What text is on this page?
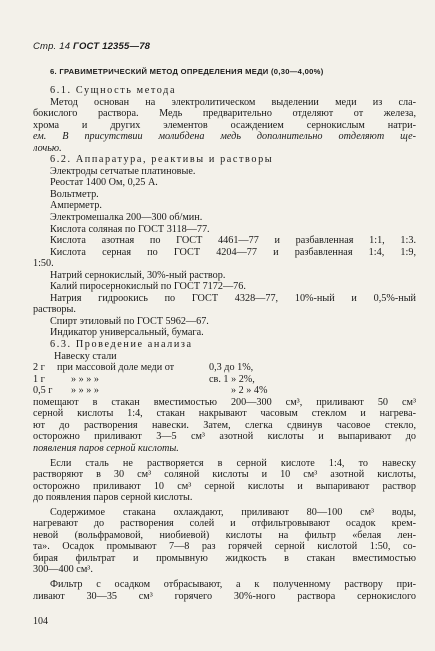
Стр. 14 ГОСТ 12355—78
6. ГРАВИМЕТРИЧЕСКИЙ МЕТОД ОПРЕДЕЛЕНИЯ МЕДИ (0,30—4,00%)
6.1. Сущность метода
Метод основан на электролитическом выделении меди из сла-
бокислого раствора. Медь предварительно отделяют от железа,
хрома и других элементов осаждением сернокислым натри-
ем. В присутствии молибдена медь дополнительно отделяют ще-
лочью.
6.2. Аппаратура, реактивы и растворы
Электроды сетчатые платиновые.
Реостат 1400 Ом, 0,25 А.
Вольтметр.
Амперметр.
Электромешалка 200—300 об/мин.
Кислота соляная по ГОСТ 3118—77.
Кислота азотная по ГОСТ 4461—77 и разбавленная 1:1, 1:3.
Кислота серная по ГОСТ 4204—77 и разбавленная 1:4, 1:9,
1:50.
Натрий сернокислый, 30%-ный раствор.
Калий пиросернокислый по ГОСТ 7172—76.
Натрия гидроокись по ГОСТ 4328—77, 10%-ный и 0,5%-ный
растворы.
Спирт этиловый по ГОСТ 5962—67.
Индикатор универсальный, бумага.
6.3. Проведение анализа
Навеску стали
2 г	при массовой доле меди от	0,3 до 1%,
1 г	» » » »	св. 1 » 2%,
0,5 г	» » » »	» 2 » 4%
помещают в стакан вместимостью 200—300 см³, приливают 50 см³
серной кислоты 1:4, стакан накрывают часовым стеклом и нагрева-
ют до растворения навески. Затем, слегка сдвинув часовое стекло,
осторожно приливают 3—5 см³ азотной кислоты и выпаривают до
появления паров серной кислоты.
Если сталь не растворяется в серной кислоте 1:4, то навеску
растворяют в 30 см³ соляной кислоты и 10 см³ азотной кислоты,
осторожно приливают 10 см³ серной кислоты и выпаривают раствор
до появления паров серной кислоты.
Содержимое стакана охлаждают, приливают 80—100 см³ воды,
нагревают до растворения солей и отфильтровывают осадок крем-
невой (вольфрамовой, ниобиевой) кислоты на фильтр «белая лен-
та». Осадок промывают 7—8 раз горячей серной кислотой 1:50, со-
бирая фильтрат и промывную жидкость в стакан вместимостью
300—400 см³.
Фильтр с осадком отбрасывают, а к полученному раствору при-
ливают 30—35 см³ горячего 30%-ного раствора сернокислого
104
